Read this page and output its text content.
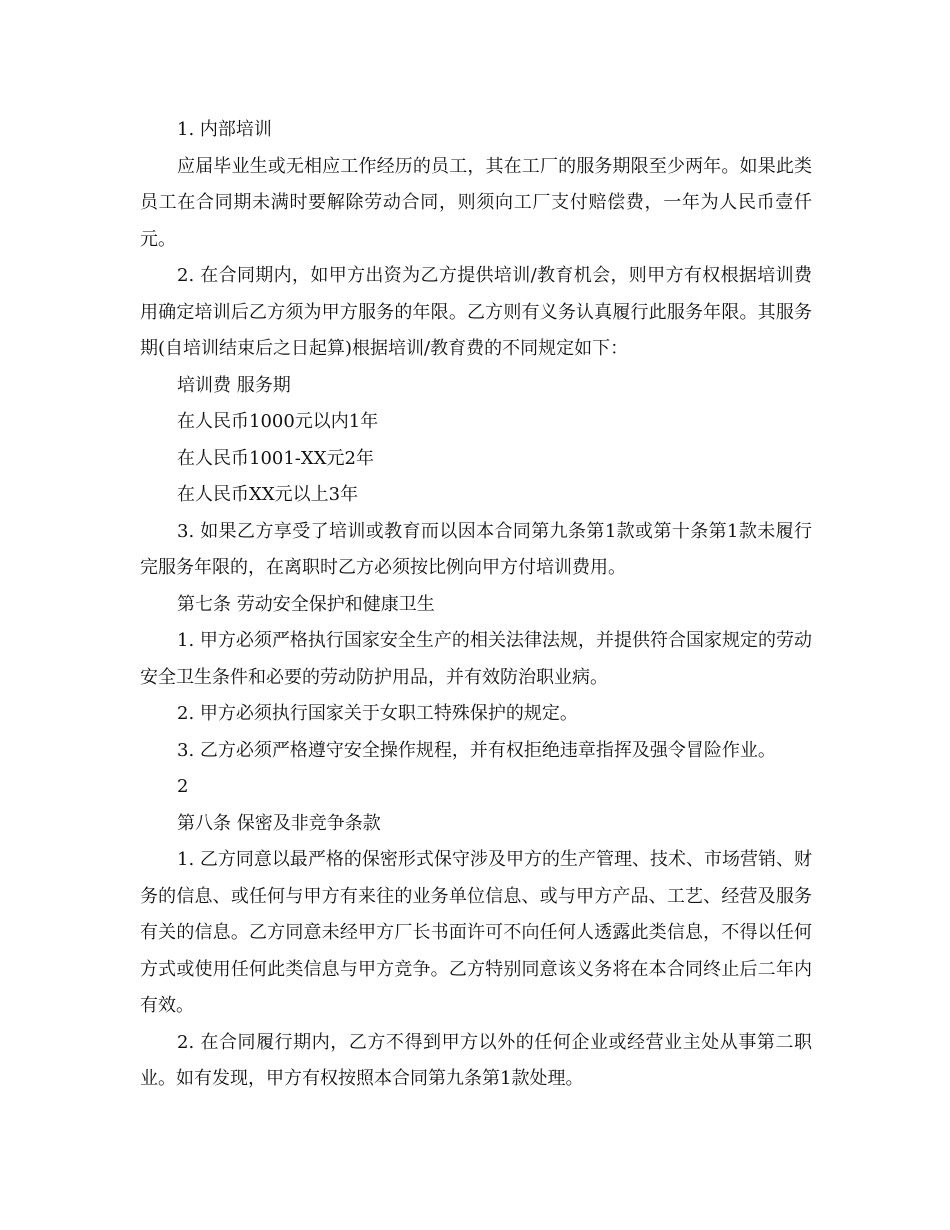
1. 内部培训

应届毕业生或无相应工作经历的员工，其在工厂的服务期限至少两年。如果此类员工在合同期未满时要解除劳动合同，则须向工厂支付赔偿费，一年为人民币壹仟元。

2. 在合同期内，如甲方出资为乙方提供培训/教育机会，则甲方有权根据培训费用确定培训后乙方须为甲方服务的年限。乙方则有义务认真履行此服务年限。其服务期(自培训结束后之日起算)根据培训/教育费的不同规定如下：

培训费 服务期

在人民币1000元以内1年

在人民币1001-XX元2年

在人民币XX元以上3年

3. 如果乙方享受了培训或教育而以因本合同第九条第1款或第十条第1款未履行完服务年限的，在离职时乙方必须按比例向甲方付培训费用。

第七条 劳动安全保护和健康卫生

1. 甲方必须严格执行国家安全生产的相关法律法规，并提供符合国家规定的劳动安全卫生条件和必要的劳动防护用品，并有效防治职业病。

2. 甲方必须执行国家关于女职工特殊保护的规定。

3. 乙方必须严格遵守安全操作规程，并有权拒绝违章指挥及强令冒险作业。

2

第八条 保密及非竞争条款

1. 乙方同意以最严格的保密形式保守涉及甲方的生产管理、技术、市场营销、财务的信息、或任何与甲方有来往的业务单位信息、或与甲方产品、工艺、经营及服务有关的信息。乙方同意未经甲方厂长书面许可不向任何人透露此类信息，不得以任何方式或使用任何此类信息与甲方竞争。乙方特别同意该义务将在本合同终止后二年内有效。

2. 在合同履行期内，乙方不得到甲方以外的任何企业或经营业主处从事第二职业。如有发现，甲方有权按照本合同第九条第1款处理。
